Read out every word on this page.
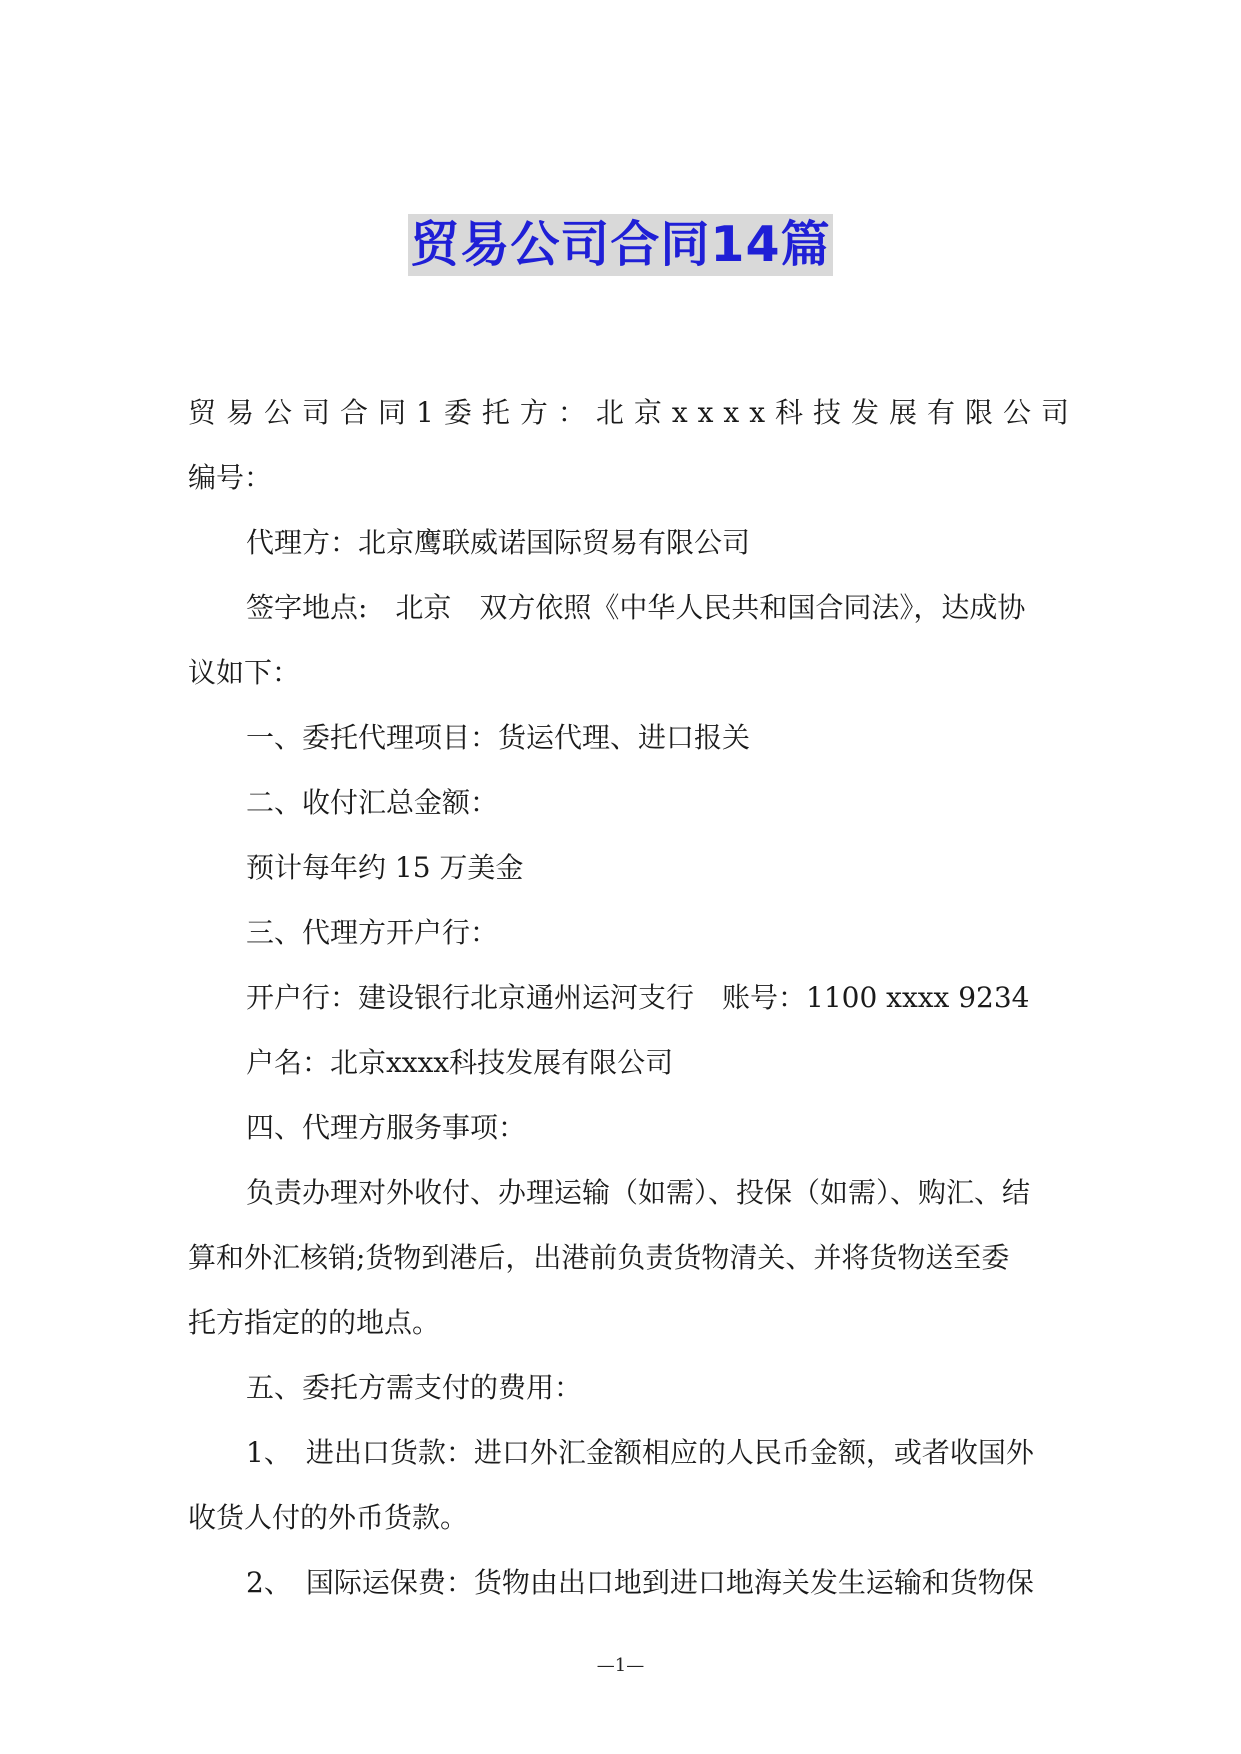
贸易公司合同14篇
贸易公司合同1 委托方：北京xxxx科技发展有限公司

编号：

代理方：北京鹰联威诺国际贸易有限公司

签字地点:　北京　双方依照《中华人民共和国合同法》，达成协

议如下：

一、委托代理项目：货运代理、进口报关

二、收付汇总金额：

预计每年约 15 万美金

三、代理方开户行：

开户行：建设银行北京通州运河支行　账号：1100 xxxx 9234

户名：北京xxxx科技发展有限公司

四、代理方服务事项：

负责办理对外收付、办理运输（如需）、投保（如需）、购汇、结

算和外汇核销;货物到港后，出港前负责货物清关、并将货物送至委

托方指定的的地点。

五、委托方需支付的费用：

1、　进出口货款：进口外汇金额相应的人民币金额，或者收国外

收货人付的外币货款。

2、　国际运保费：货物由出口地到进口地海关发生运输和货物保

—1—
